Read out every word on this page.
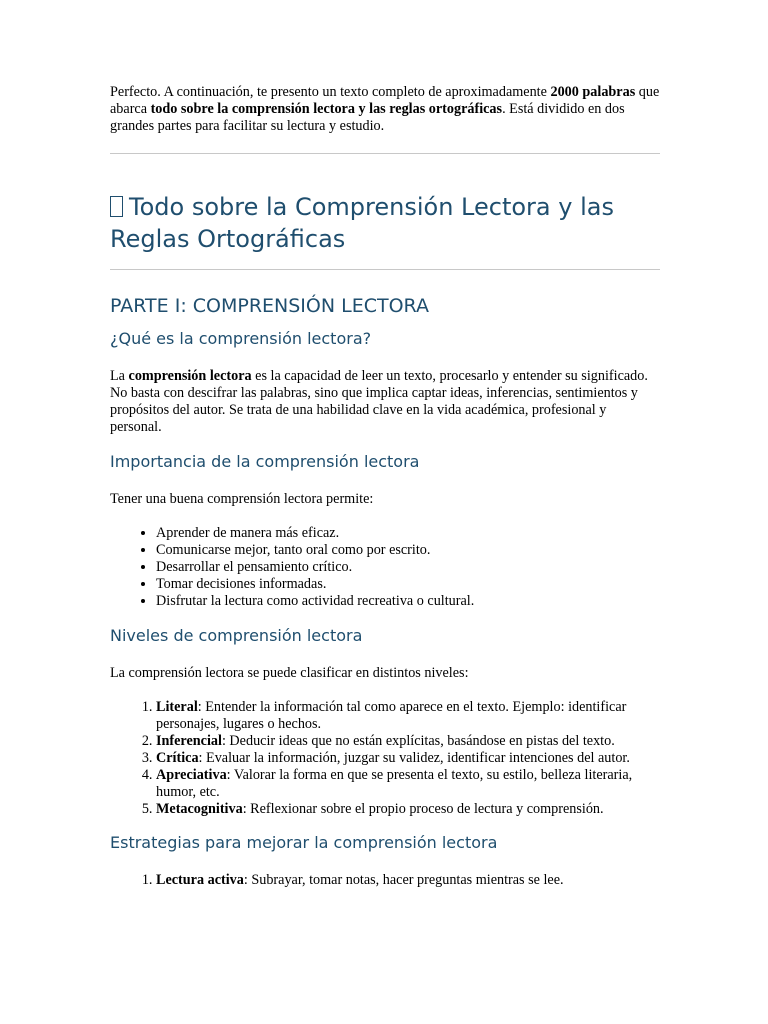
Perfecto. A continuación, te presento un texto completo de aproximadamente 2000 palabras que abarca todo sobre la comprensión lectora y las reglas ortográficas. Está dividido en dos grandes partes para facilitar su lectura y estudio.

Todo sobre la Comprensión Lectora y las Reglas Ortográficas
PARTE I: COMPRENSIÓN LECTORA
¿Qué es la comprensión lectora?

La comprensión lectora es la capacidad de leer un texto, procesarlo y entender su significado. No basta con descifrar las palabras, sino que implica captar ideas, inferencias, sentimientos y propósitos del autor. Se trata de una habilidad clave en la vida académica, profesional y personal.

Importancia de la comprensión lectora

Tener una buena comprensión lectora permite:

• Aprender de manera más eficaz.
• Comunicarse mejor, tanto oral como por escrito.
• Desarrollar el pensamiento crítico.
• Tomar decisiones informadas.
• Disfrutar la lectura como actividad recreativa o cultural.
Niveles de comprensión lectora

La comprensión lectora se puede clasificar en distintos niveles:

1. Literal: Entender la información tal como aparece en el texto. Ejemplo: identificar personajes, lugares o hechos.
2. Inferencial: Deducir ideas que no están explícitas, basándose en pistas del texto.
3. Crítica: Evaluar la información, juzgar su validez, identificar intenciones del autor.
4. Apreciativa: Valorar la forma en que se presenta el texto, su estilo, belleza literaria, humor, etc.
5. Metacognitiva: Reflexionar sobre el propio proceso de lectura y comprensión.
Estrategias para mejorar la comprensión lectora
1. Lectura activa: Subrayar, tomar notas, hacer preguntas mientras se lee.
